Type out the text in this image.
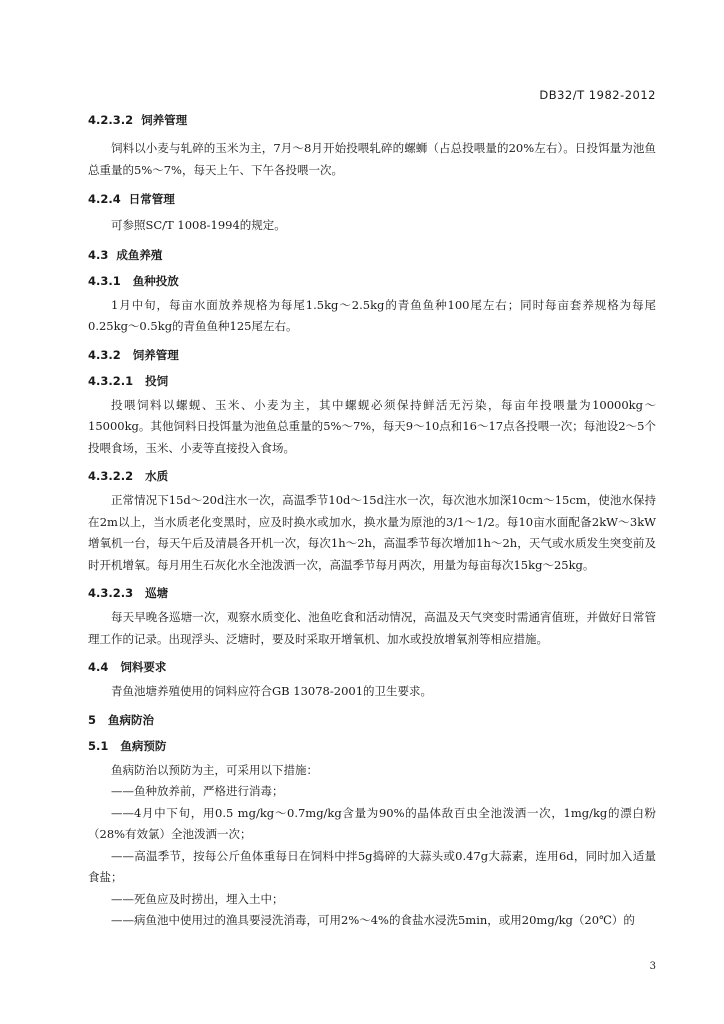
DB32/T 1982-2012
4.2.3.2  饲养管理
饲料以小麦与轧碎的玉米为主，7月～8月开始投喂轧碎的螺蛳（占总投喂量的20%左右）。日投饵量为池鱼总重量的5%～7%，每天上午、下午各投喂一次。
4.2.4  日常管理
可参照SC/T 1008-1994的规定。
4.3  成鱼养殖
4.3.1   鱼种投放
1月中旬，每亩水面放养规格为每尾1.5kg～2.5kg的青鱼鱼种100尾左右；同时每亩套养规格为每尾0.25kg～0.5kg的青鱼鱼种125尾左右。
4.3.2   饲养管理
4.3.2.1   投饲
投喂饲料以螺蚬、玉米、小麦为主，其中螺蚬必须保持鲜活无污染，每亩年投喂量为10000kg～15000kg。其他饲料日投饵量为池鱼总重量的5%～7%，每天9～10点和16～17点各投喂一次；每池设2～5个投喂食场，玉米、小麦等直接投入食场。
4.3.2.2   水质
正常情况下15d～20d注水一次，高温季节10d～15d注水一次，每次池水加深10cm～15cm，使池水保持在2m以上，当水质老化变黑时，应及时换水或加水，换水量为原池的3/1～1/2。每10亩水面配备2kW～3kW增氧机一台，每天午后及清晨各开机一次，每次1h～2h，高温季节每次增加1h～2h，天气或水质发生突变前及时开机增氧。每月用生石灰化水全池泼洒一次，高温季节每月两次，用量为每亩每次15kg～25kg。
4.3.2.3   巡塘
每天早晚各巡塘一次，观察水质变化、池鱼吃食和活动情况，高温及天气突变时需通宵值班，并做好日常管理工作的记录。出现浮头、泛塘时，要及时采取开增氧机、加水或投放增氧剂等相应措施。
4.4   饲料要求
青鱼池塘养殖使用的饲料应符合GB 13078-2001的卫生要求。
5   鱼病防治
5.1   鱼病预防
鱼病防治以预防为主，可采用以下措施：
——鱼种放养前，严格进行消毒；
——4月中下旬，用0.5 mg/kg～0.7mg/kg含量为90%的晶体敌百虫全池泼洒一次，1mg/kg的漂白粉（28%有效氯）全池泼洒一次；
——高温季节，按每公斤鱼体重每日在饲料中拌5g捣碎的大蒜头或0.47g大蒜素，连用6d，同时加入适量食盐；
——死鱼应及时捞出，埋入土中；
——病鱼池中使用过的渔具要浸洗消毒，可用2%～4%的食盐水浸洗5min，或用20mg/kg（20℃）的
3
